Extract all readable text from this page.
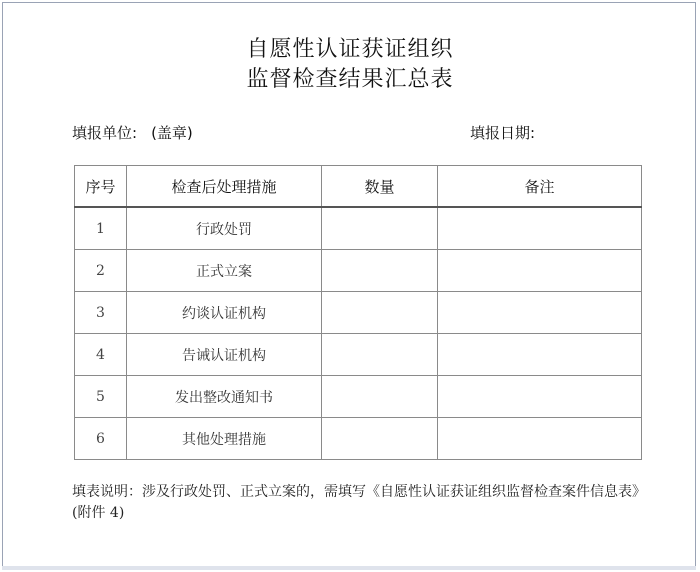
自愿性认证获证组织
监督检查结果汇总表
填报单位: (盖章)	填报日期:
序号	检查后处理措施	数量	备注
1	行政处罚		
2	正式立案		
3	约谈认证机构		
4	告诫认证机构		
5	发出整改通知书		
6	其他处理措施		
填表说明：涉及行政处罚、正式立案的，需填写《自愿性认证获证组织监督检查案件信息表》(附件 4)
